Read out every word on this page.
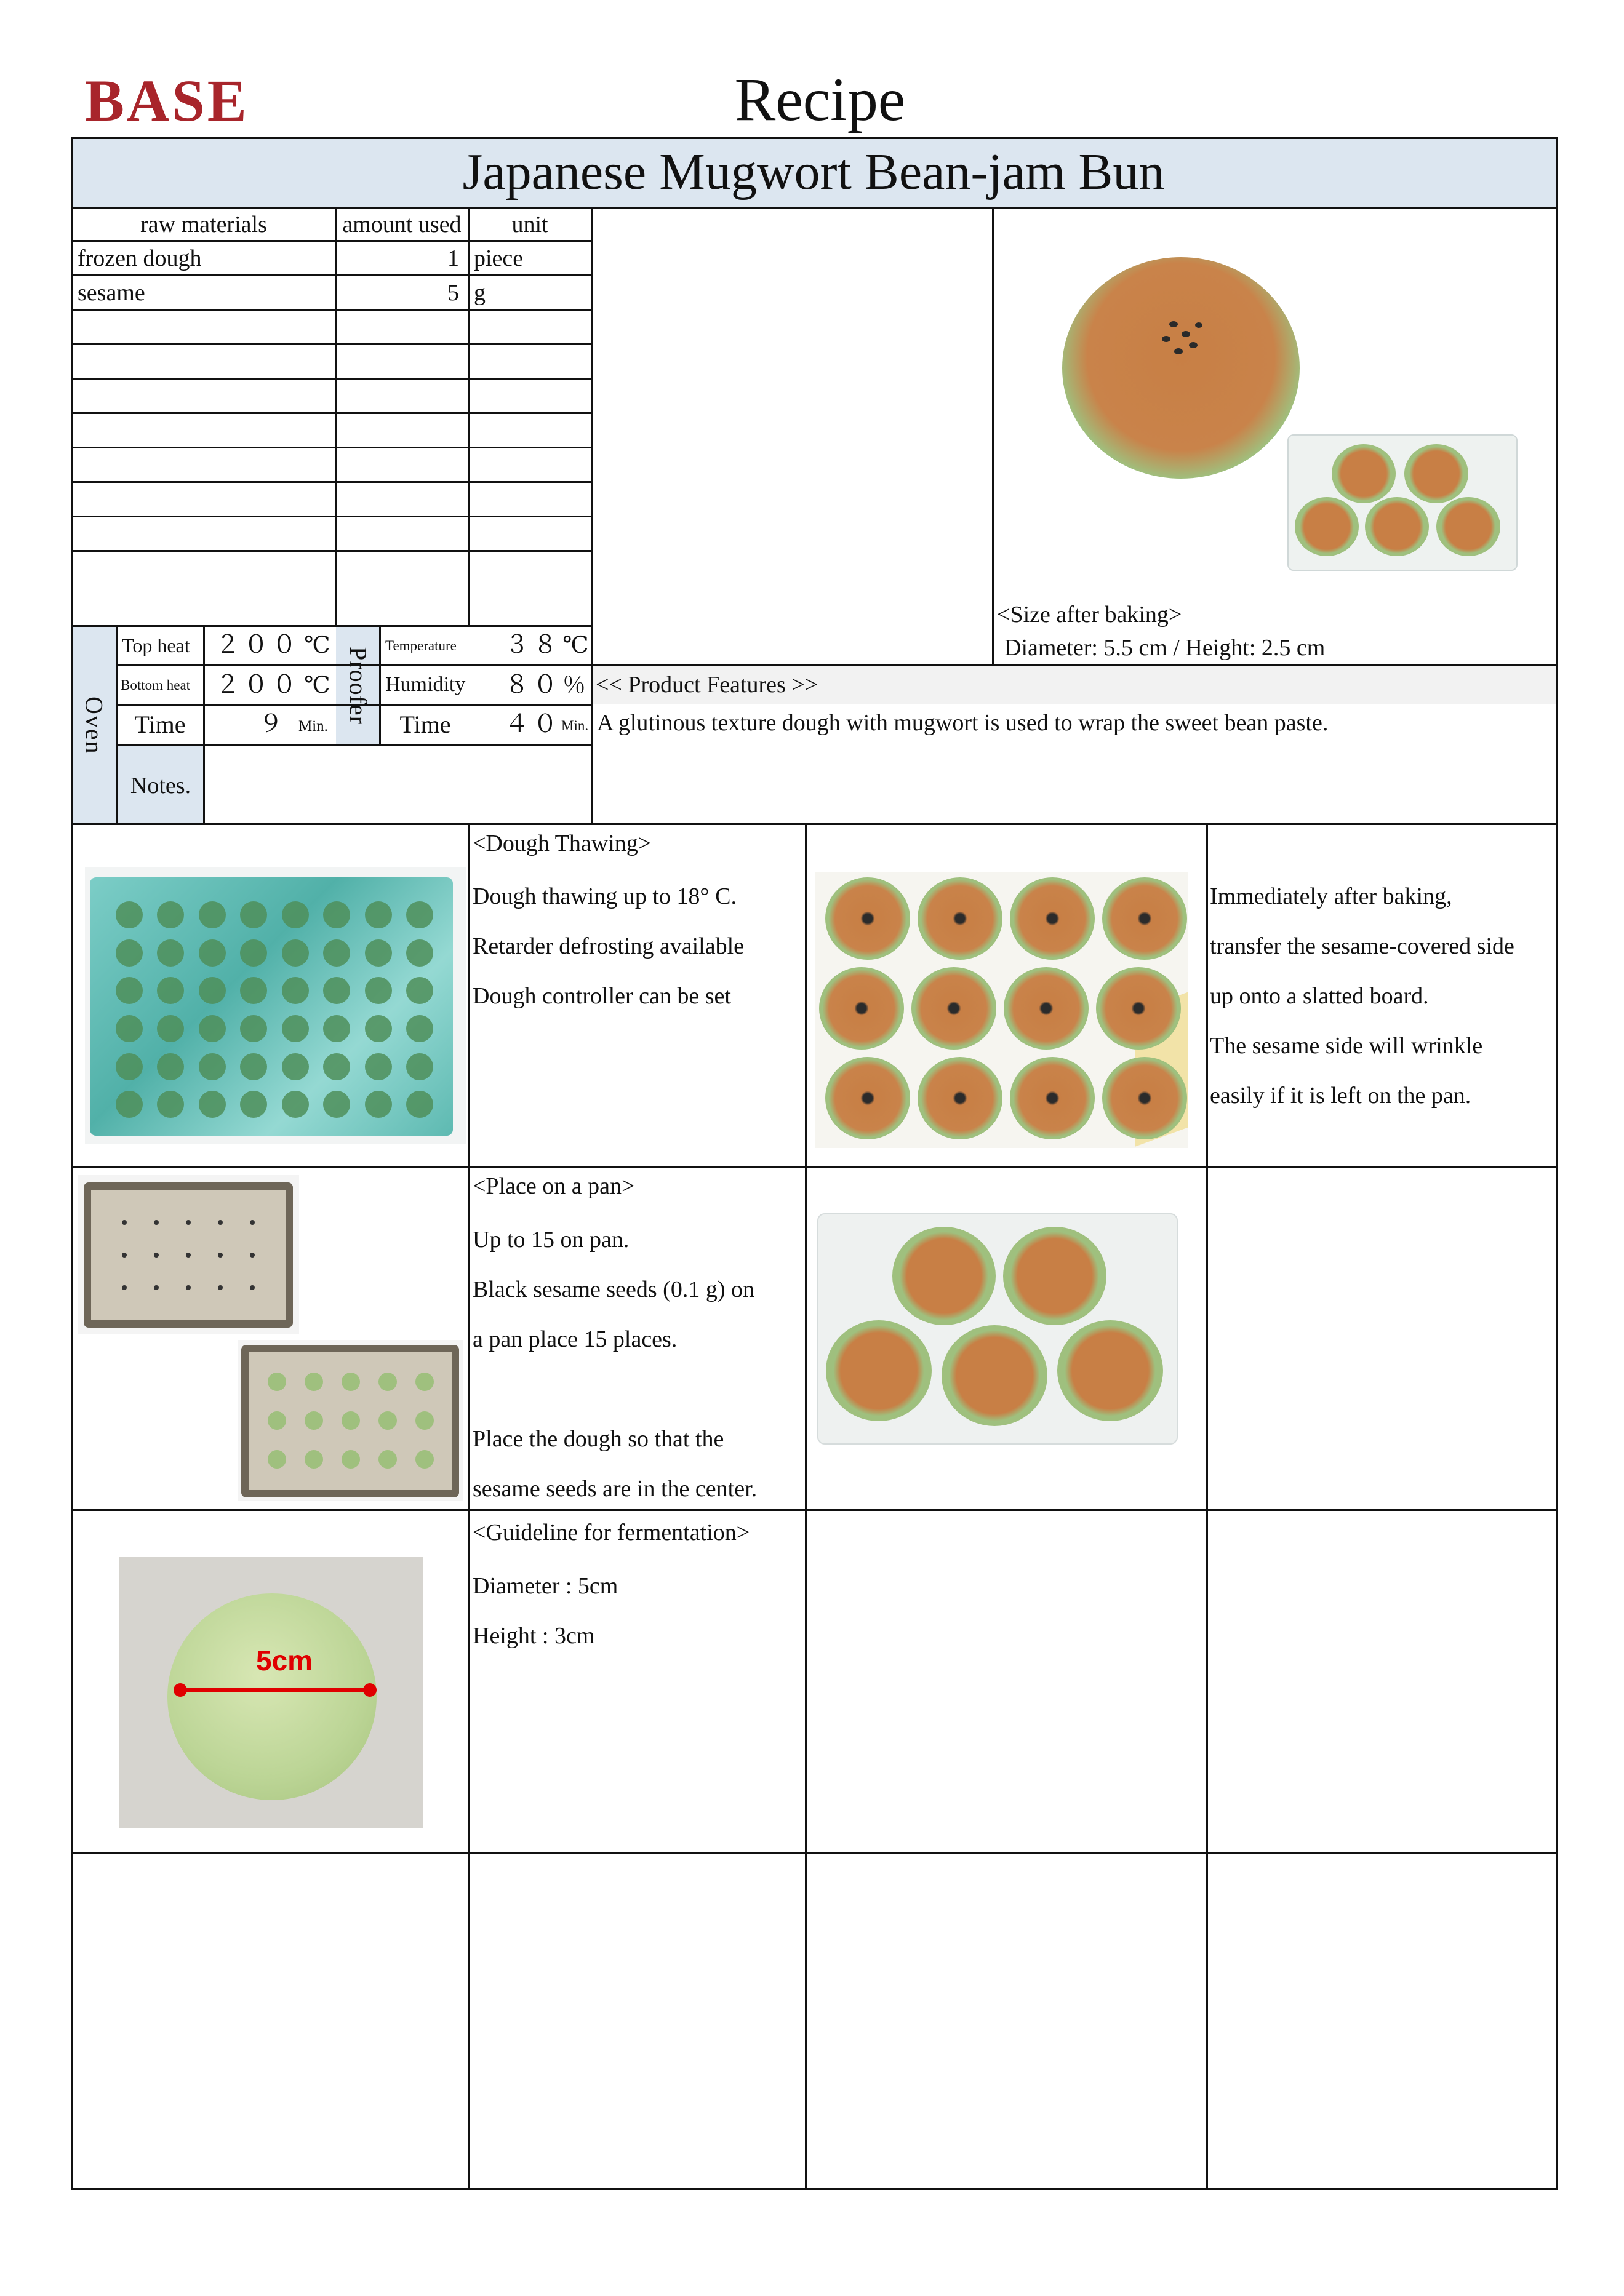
BASE	Recipe
Japanese Mugwort Bean-jam Bun
raw materials	amount used	unit
frozen dough	1 piece
sesame	5 g
Oven
Top heat ２００ ℃
Bottom heat ２００ ℃
Time	９ Min.
Notes.
Proofer
Temperature ３８ ℃
Humidity ８０ ％
Time	４０ Min.
<Size after baking>
Diameter: 5.5 cm / Height: 2.5 cm
<< Product Features >>
A glutinous texture dough with mugwort is used to wrap the sweet bean paste.
<Dough Thawing>
Dough thawing up to 18° C.
Retarder defrosting available
Dough controller can be set
Immediately after baking,
transfer the sesame-covered side
up onto a slatted board.
The sesame side will wrinkle
easily if it is left on the pan.
<Place on a pan>
Up to 15 on pan.
Black sesame seeds (0.1 g) on
a pan place 15 places.
Place the dough so that the
sesame seeds are in the center.
5cm
<Guideline for fermentation>
Diameter : 5cm
Height : 3cm
